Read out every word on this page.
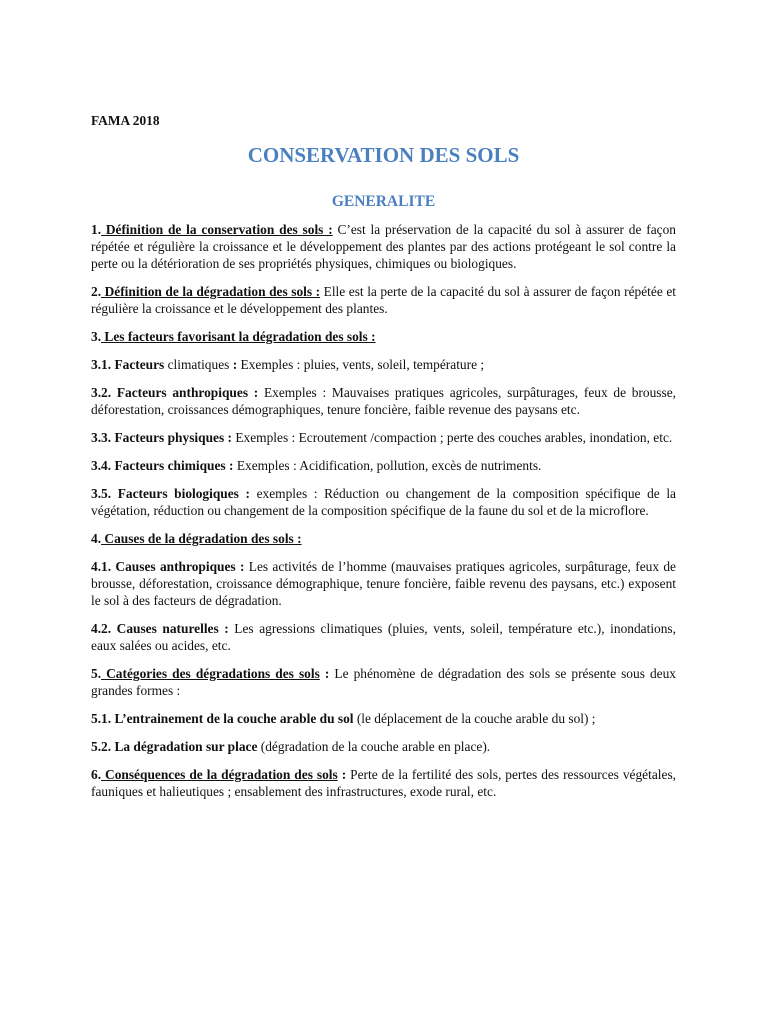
FAMA 2018
CONSERVATION DES SOLS
GENERALITE

1. Définition de la conservation des sols : C’est la préservation de la capacité du sol à assurer de façon répétée et régulière la croissance et le développement des plantes par des actions protégeant le sol contre la perte ou la détérioration de ses propriétés physiques, chimiques ou biologiques.

2. Définition de la dégradation des sols : Elle est la perte de la capacité du sol à assurer de façon répétée et régulière la croissance et le développement des plantes.

3. Les facteurs favorisant la dégradation des sols :

3.1. Facteurs climatiques : Exemples : pluies, vents, soleil, température ;

3.2. Facteurs anthropiques : Exemples : Mauvaises pratiques agricoles, surpâturages, feux de brousse, déforestation, croissances démographiques, tenure foncière, faible revenue des paysans etc.

3.3. Facteurs physiques : Exemples : Ecroutement /compaction ; perte des couches arables, inondation, etc.

3.4. Facteurs chimiques : Exemples : Acidification, pollution, excès de nutriments.

3.5. Facteurs biologiques : exemples : Réduction ou changement de la composition spécifique de la végétation, réduction ou changement de la composition spécifique de la faune du sol et de la microflore.

4. Causes de la dégradation des sols :

4.1. Causes anthropiques : Les activités de l’homme (mauvaises pratiques agricoles, surpâturage, feux de brousse, déforestation, croissance démographique, tenure foncière, faible revenu des paysans, etc.) exposent le sol à des facteurs de dégradation.

4.2. Causes naturelles : Les agressions climatiques (pluies, vents, soleil, température etc.), inondations, eaux salées ou acides, etc.

5. Catégories des dégradations des sols : Le phénomène de dégradation des sols se présente sous deux grandes formes :

5.1. L’entrainement de la couche arable du sol (le déplacement de la couche arable du sol) ;

5.2. La dégradation sur place (dégradation de la couche arable en place).

6. Conséquences de la dégradation des sols : Perte de la fertilité des sols, pertes des ressources végétales, fauniques et halieutiques ; ensablement des infrastructures, exode rural, etc.
